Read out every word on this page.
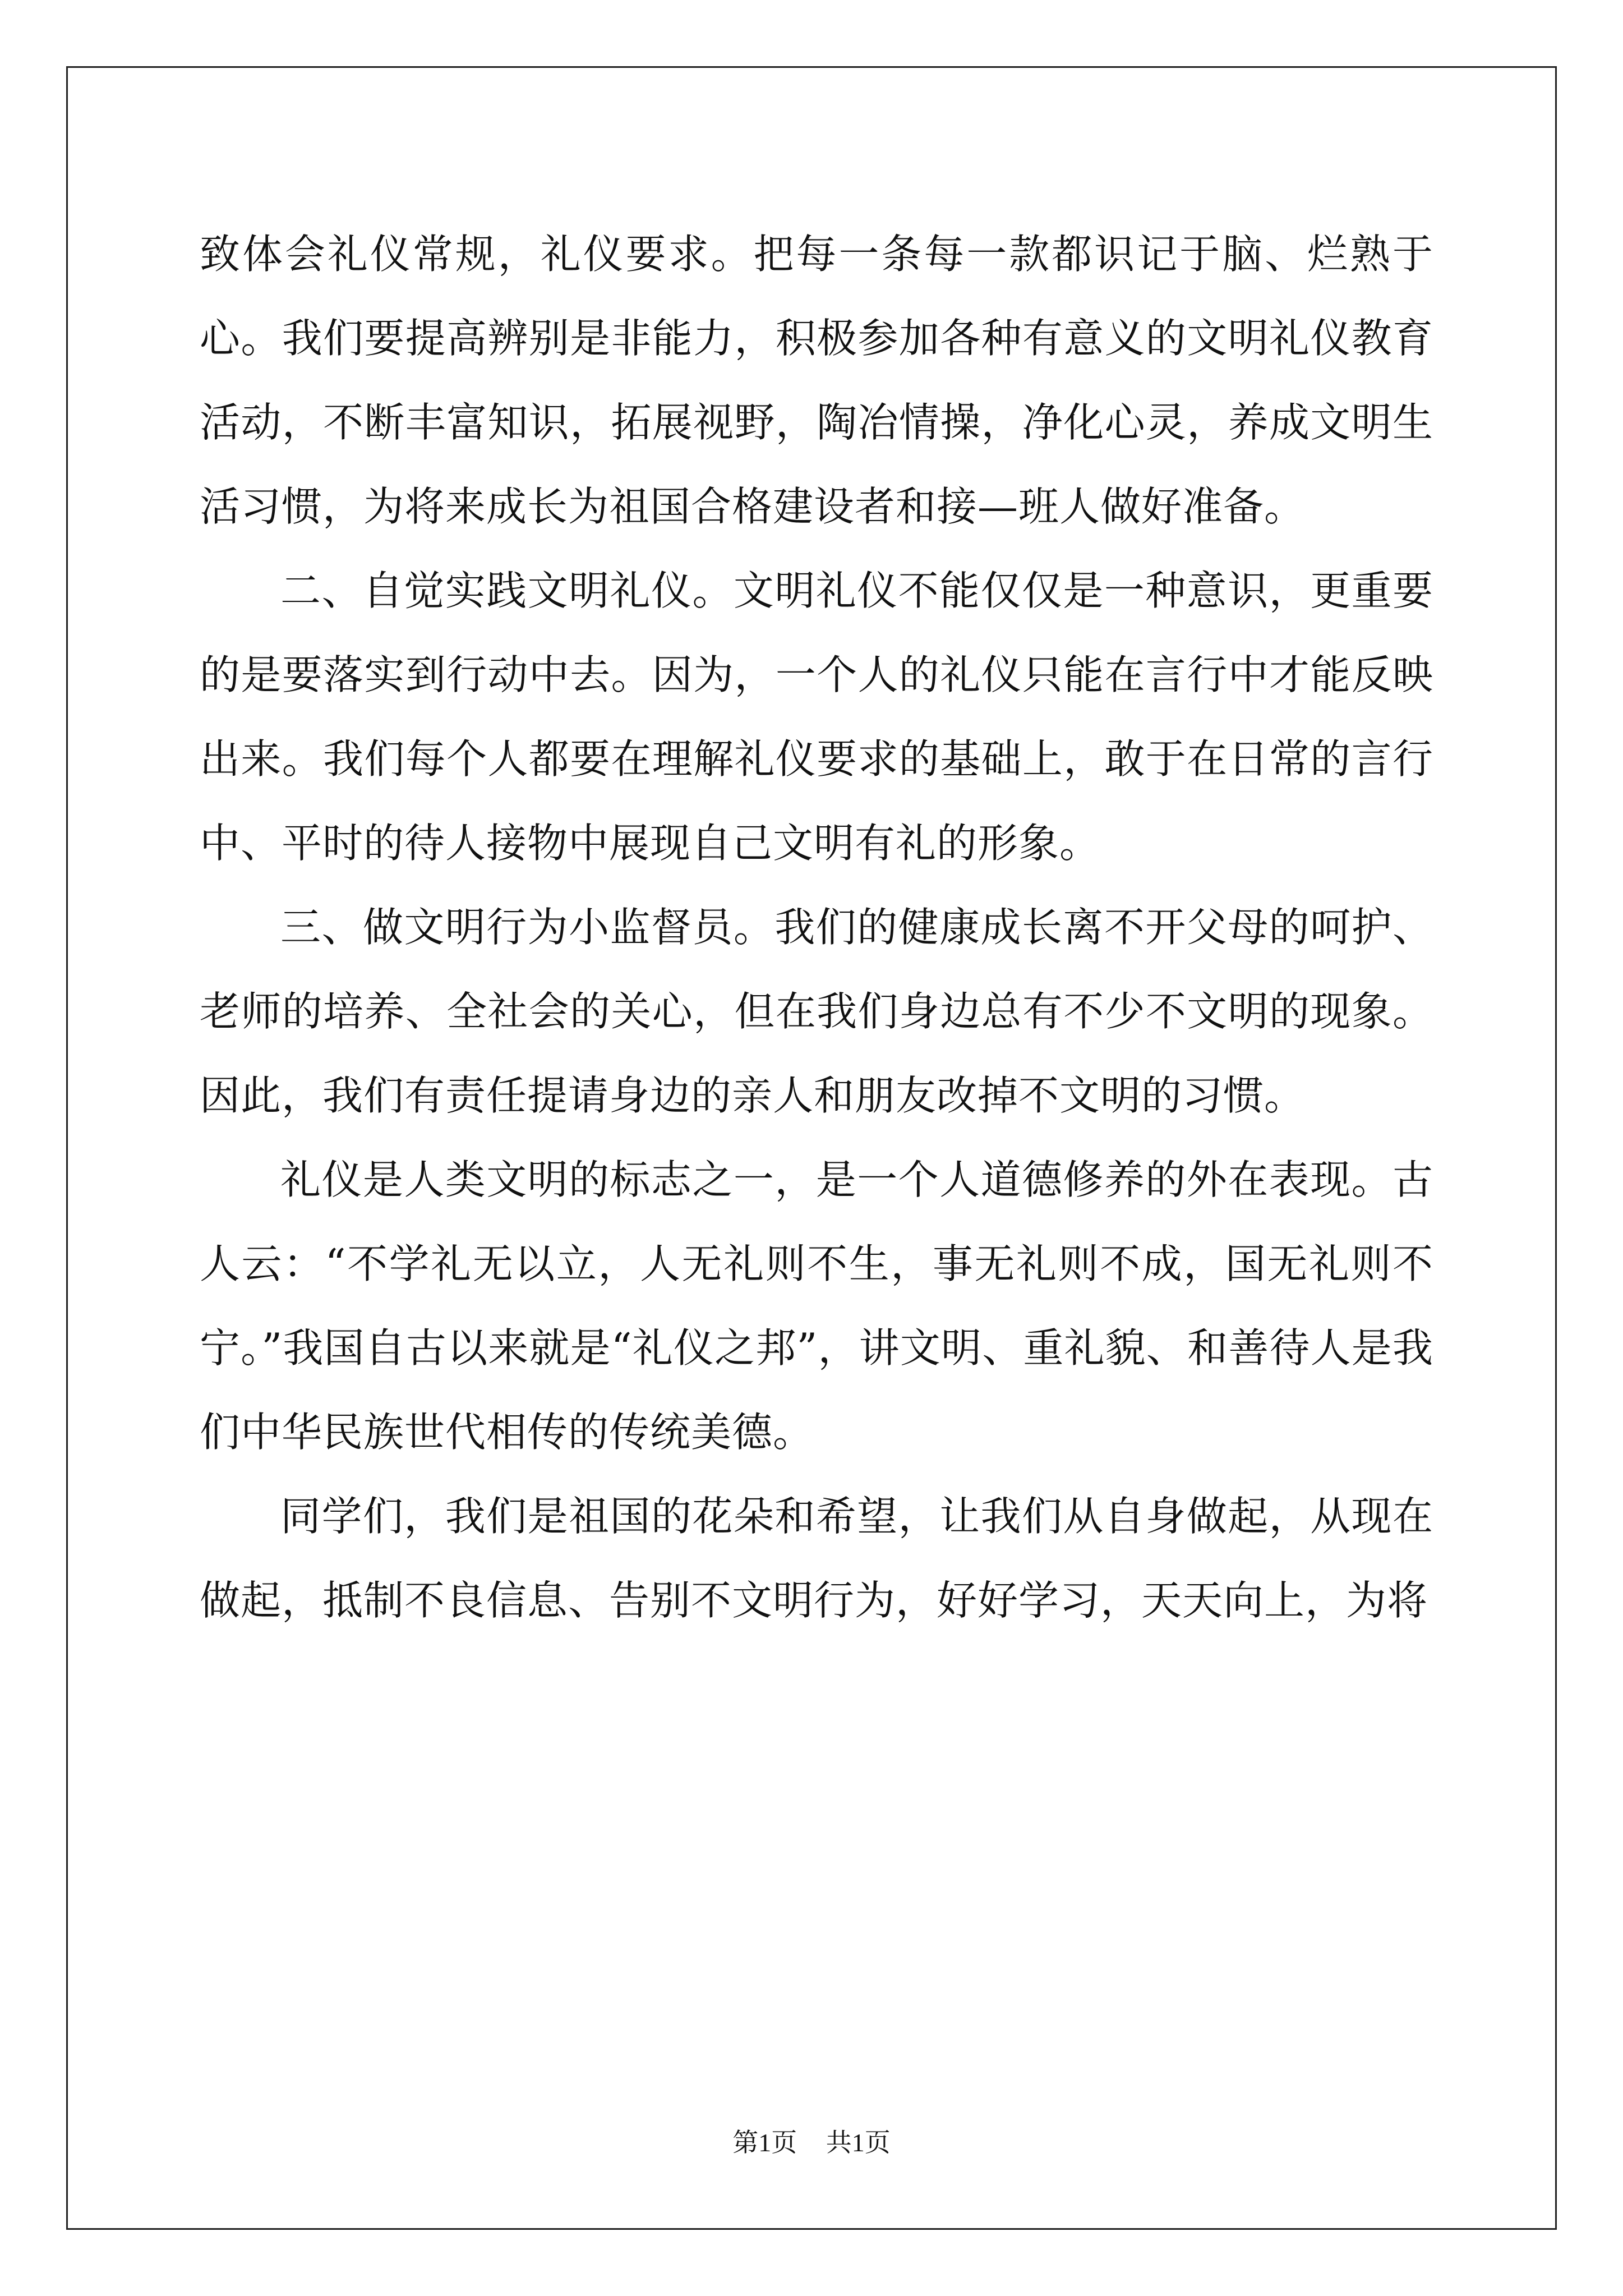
致体会礼仪常规，礼仪要求。把每一条每一款都识记于脑、烂熟于心。我们要提高辨别是非能力，积极参加各种有意义的文明礼仪教育活动，不断丰富知识，拓展视野，陶冶情操，净化心灵，养成文明生活习惯，为将来成长为祖国合格建设者和接—班人做好准备。

二、自觉实践文明礼仪。文明礼仪不能仅仅是一种意识，更重要的是要落实到行动中去。因为，一个人的礼仪只能在言行中才能反映出来。我们每个人都要在理解礼仪要求的基础上，敢于在日常的言行中、平时的待人接物中展现自己文明有礼的形象。

三、做文明行为小监督员。我们的健康成长离不开父母的呵护、老师的培养、全社会的关心，但在我们身边总有不少不文明的现象。因此，我们有责任提请身边的亲人和朋友改掉不文明的习惯。

礼仪是人类文明的标志之一，是一个人道德修养的外在表现。古人云：“不学礼无以立，人无礼则不生，事无礼则不成，国无礼则不宁。”我国自古以来就是“礼仪之邦”，讲文明、重礼貌、和善待人是我们中华民族世代相传的传统美德。

同学们，我们是祖国的花朵和希望，让我们从自身做起，从现在做起，抵制不良信息、告别不文明行为，好好学习，天天向上，为将

第1页 共1页
